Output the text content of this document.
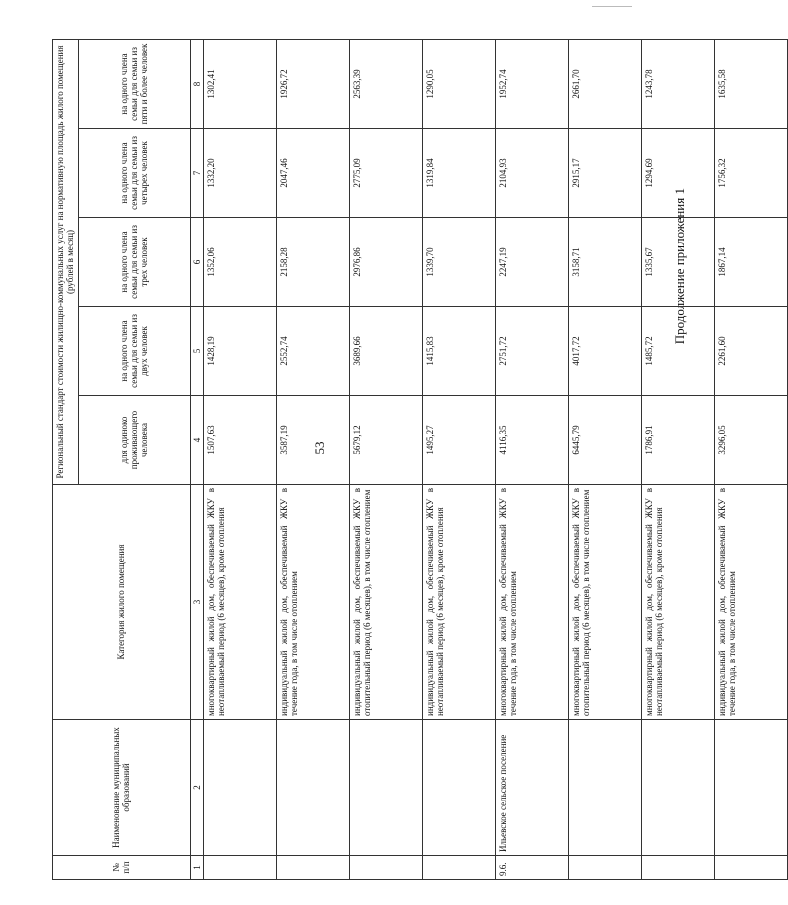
53
Продолжение приложения 1
№ п/п	Наименование муниципальных образований	Категория жилого помещения	Региональный стандарт стоимости жилищно-коммунальных услуг на нормативную площадь жилого помещения (рублей в месяц)				
			для одиноко проживающего человека	на одного члена семьи для семьи из двух человек	на одного члена семьи для семьи из трех человек	на одного члена семьи для семьи из четырех человек	на одного члена семьи для семьи из пяти и более человек
1	2	3	4	5	6	7	8
		многоквартирный жилой дом, обеспечиваемый ЖКУ в неотапливаемый период (6 месяцев), кроме отопления	1507,63	1428,19	1352,06	1332,20	1302,41
		индивидуальный жилой дом, обеспечиваемый ЖКУ в течение года, в том числе отоплением	3587,19	2552,74	2158,28	2047,46	1926,72
		индивидуальный жилой дом, обеспечиваемый ЖКУ в отопительный период (6 месяцев), в том числе отоплением	5679,12	3689,66	2976,86	2775,09	2563,39
		индивидуальный жилой дом, обеспечиваемый ЖКУ в неотапливаемый период (6 месяцев), кроме отопления	1495,27	1415,83	1339,70	1319,84	1290,05
9.6.	Ильевское сельское поселение	многоквартирный жилой дом, обеспечиваемый ЖКУ в течение года, в том числе отоплением	4116,35	2751,72	2247,19	2104,93	1952,74
		многоквартирный жилой дом, обеспечиваемый ЖКУ в отопительный период (6 месяцев), в том числе отоплением	6445,79	4017,72	3158,71	2915,17	2661,70
		многоквартирный жилой дом, обеспечиваемый ЖКУ в неотапливаемый период (6 месяцев), кроме отопления	1786,91	1485,72	1335,67	1294,69	1243,78
		индивидуальный жилой дом, обеспечиваемый ЖКУ в течение года, в том числе отоплением	3296,05	2261,60	1867,14	1756,32	1635,58
